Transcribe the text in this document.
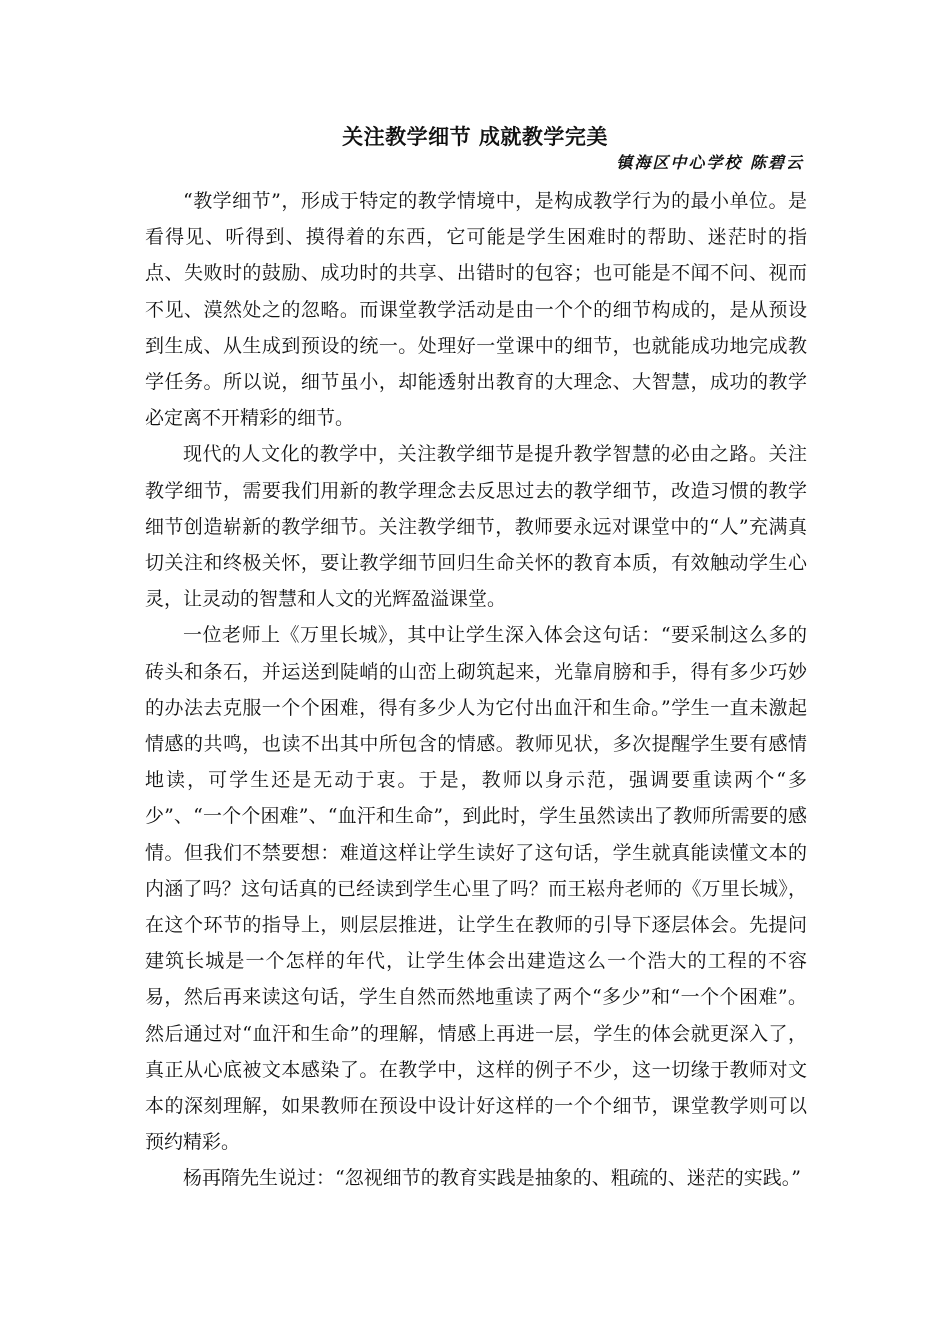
关注教学细节 成就教学完美

镇海区中心学校 陈碧云

“教学细节”，形成于特定的教学情境中，是构成教学行为的最小单位。是看得见、听得到、摸得着的东西，它可能是学生困难时的帮助、迷茫时的指点、失败时的鼓励、成功时的共享、出错时的包容；也可能是不闻不问、视而不见、漠然处之的忽略。而课堂教学活动是由一个个的细节构成的，是从预设到生成、从生成到预设的统一。处理好一堂课中的细节，也就能成功地完成教学任务。所以说，细节虽小，却能透射出教育的大理念、大智慧，成功的教学必定离不开精彩的细节。

现代的人文化的教学中，关注教学细节是提升教学智慧的必由之路。关注教学细节，需要我们用新的教学理念去反思过去的教学细节，改造习惯的教学细节创造崭新的教学细节。关注教学细节，教师要永远对课堂中的“人”充满真切关注和终极关怀，要让教学细节回归生命关怀的教育本质，有效触动学生心灵，让灵动的智慧和人文的光辉盈溢课堂。

一位老师上《万里长城》，其中让学生深入体会这句话：“要采制这么多的砖头和条石，并运送到陡峭的山峦上砌筑起来，光靠肩膀和手，得有多少巧妙的办法去克服一个个困难，得有多少人为它付出血汗和生命。”学生一直未激起情感的共鸣，也读不出其中所包含的情感。教师见状，多次提醒学生要有感情地读，可学生还是无动于衷。于是，教师以身示范，强调要重读两个“多少”、“一个个困难”、“血汗和生命”，到此时，学生虽然读出了教师所需要的感情。但我们不禁要想：难道这样让学生读好了这句话，学生就真能读懂文本的内涵了吗？这句话真的已经读到学生心里了吗？而王崧舟老师的《万里长城》，在这个环节的指导上，则层层推进，让学生在教师的引导下逐层体会。先提问建筑长城是一个怎样的年代，让学生体会出建造这么一个浩大的工程的不容易，然后再来读这句话，学生自然而然地重读了两个“多少”和“一个个困难”。然后通过对“血汗和生命”的理解，情感上再进一层，学生的体会就更深入了，真正从心底被文本感染了。在教学中，这样的例子不少，这一切缘于教师对文本的深刻理解，如果教师在预设中设计好这样的一个个细节，课堂教学则可以预约精彩。

杨再隋先生说过：“忽视细节的教育实践是抽象的、粗疏的、迷茫的实践。”
